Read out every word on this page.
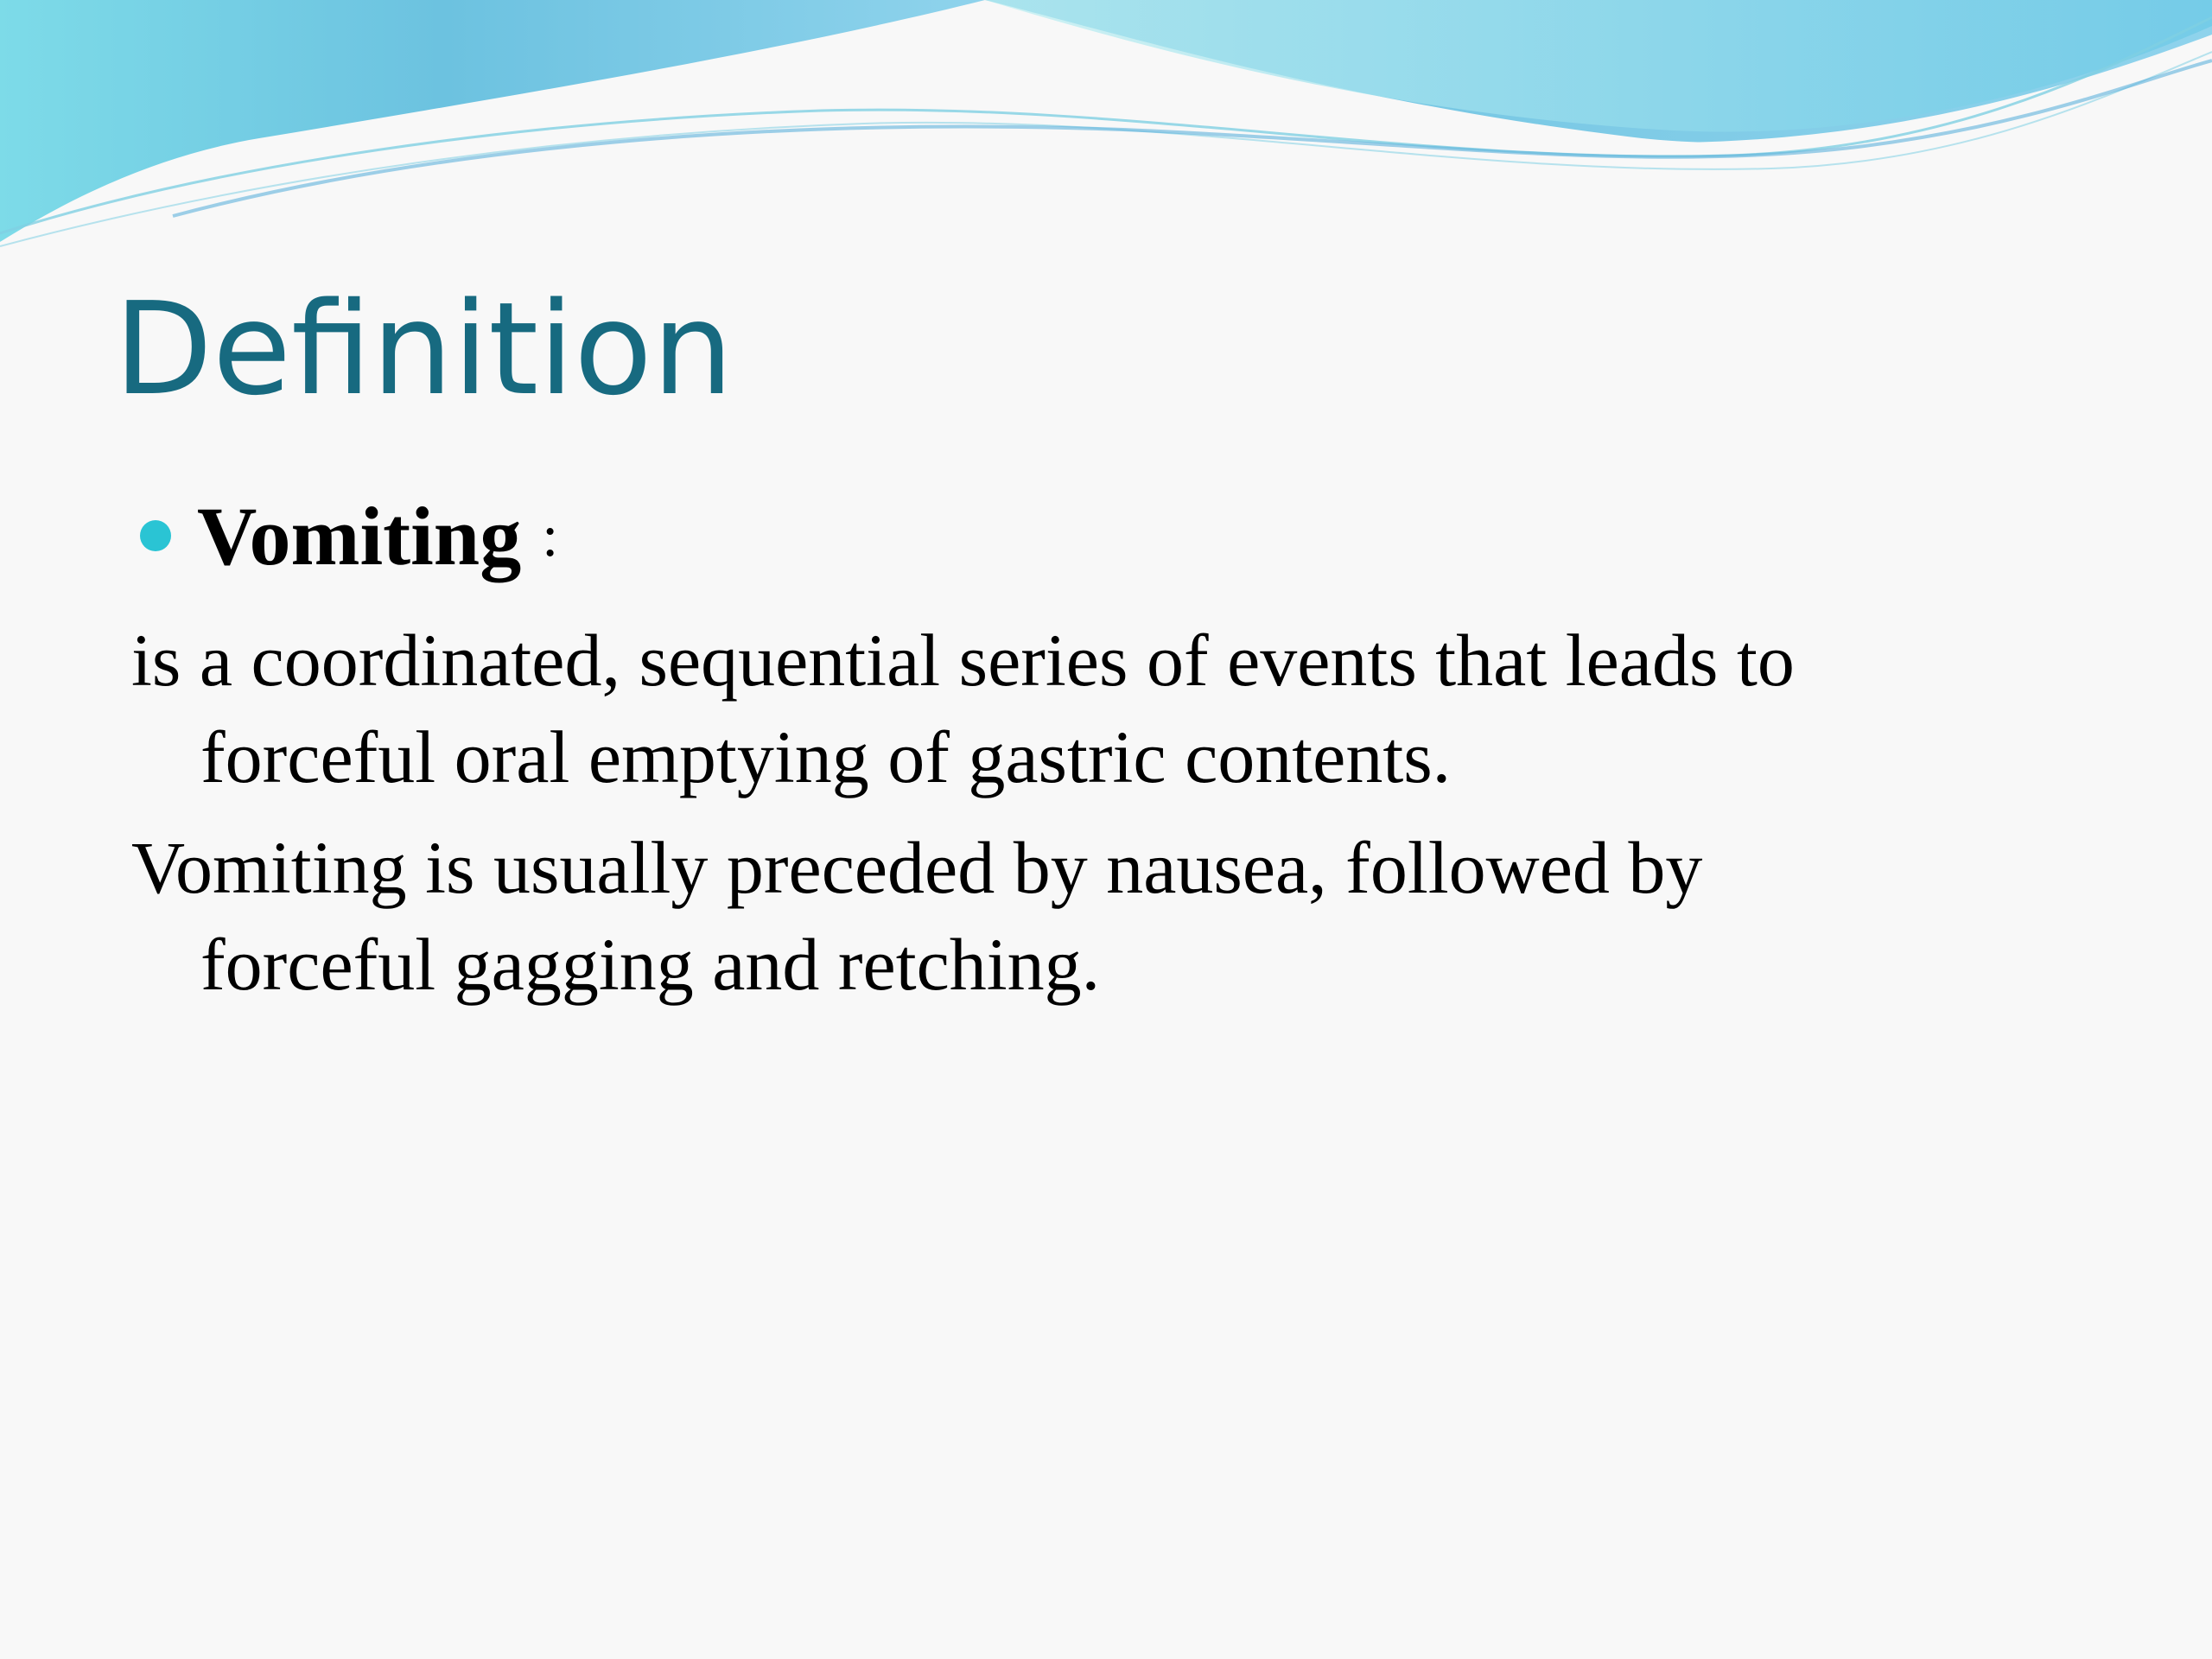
Definition
Vomiting :

is a coordinated, sequential series of events that leads to
forceful oral emptying of gastric contents.

Vomiting is usually preceded by nausea, followed by
forceful gagging and retching.
